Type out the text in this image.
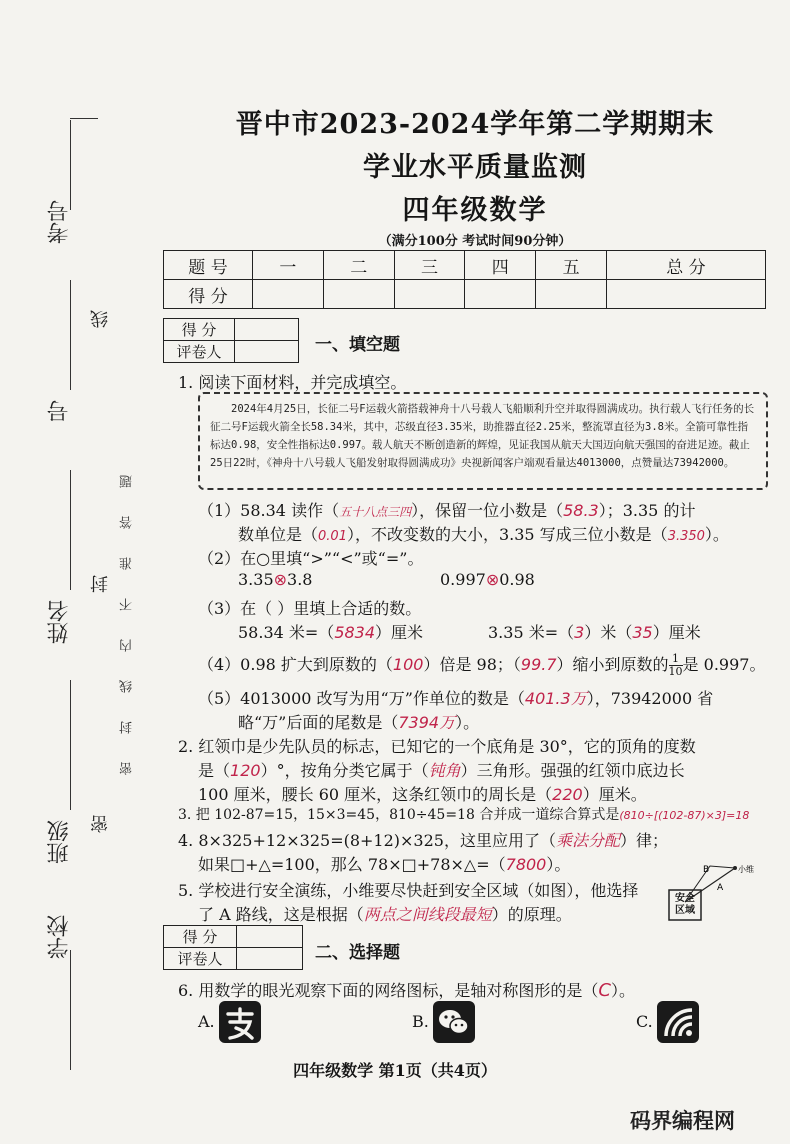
考号
号
姓名
班级
学校
线
封
密
密封线内不准答题
晋中市2023-2024学年第二学期期末
学业水平质量监测
四年级数学
（满分100分 考试时间90分钟）
题 号	一	二	三	四	五	总 分
得 分						
得 分	
评卷人		一、填空题
1. 阅读下面材料，并完成填空。
2024年4月25日，长征二号F运载火箭搭载神舟十八号载人飞船顺利升空并取得圆满成功。执行载人飞行任务的长征二号F运载火箭全长58.34米，其中，芯级直径3.35米，助推器直径2.25米，整流罩直径为3.8米。全箭可靠性指标达0.98，安全性指标达0.997。载人航天不断创造新的辉煌，见证我国从航天大国迈向航天强国的奋进足迹。截止25日22时，《神舟十八号载人飞船发射取得圆满成功》央视新闻客户端观看量达4013000，点赞量达73942000。
（1）58.34 读作（五十八点三四），保留一位小数是（58.3）；3.35 的计
数单位是（0.01），不改变数的大小，3.35 写成三位小数是（3.350）。
（2）在○里填“>”“<”或“=”。
3.35⊗3.8	0.997⊗0.98
（3）在（ ）里填上合适的数。
58.34 米=（5834）厘米	3.35 米=（3）米（35）厘米
（4）0.98 扩大到原数的（100）倍是 98；（99.7）缩小到原数的 $\frac{1}{10}$ 是 0.997。
（5）4013000 改写为用“万”作单位的数是（401.3万），73942000 省
略“万”后面的尾数是（7394万）。
2. 红领巾是少先队员的标志，已知它的一个底角是 30°，它的顶角的度数
是（120）°，按角分类它属于（钝角）三角形。强强的红领巾底边长
100 厘米，腰长 60 厘米，这条红领巾的周长是（220）厘米。
3. 把 102-87=15，15×3=45，810÷45=18 合并成一道综合算式是(810÷[(102-87)×3]=18
4. 8×325+12×325=(8+12)×325，这里应用了（乘法分配）律；
如果□+△=100，那么 78×□+78×△=（7800）。
5. 学校进行安全演练，小维要尽快赶到安全区域（如图），他选择
了 A 路线，这是根据（两点之间线段最短）的原理。
B
A
小维
安全区域
得 分	
评卷人		二、选择题
6. 用数学的眼光观察下面的网络图标，是轴对称图形的是（C）。
A.	B.	C.
四年级数学 第1页（共4页）
码界编程网
